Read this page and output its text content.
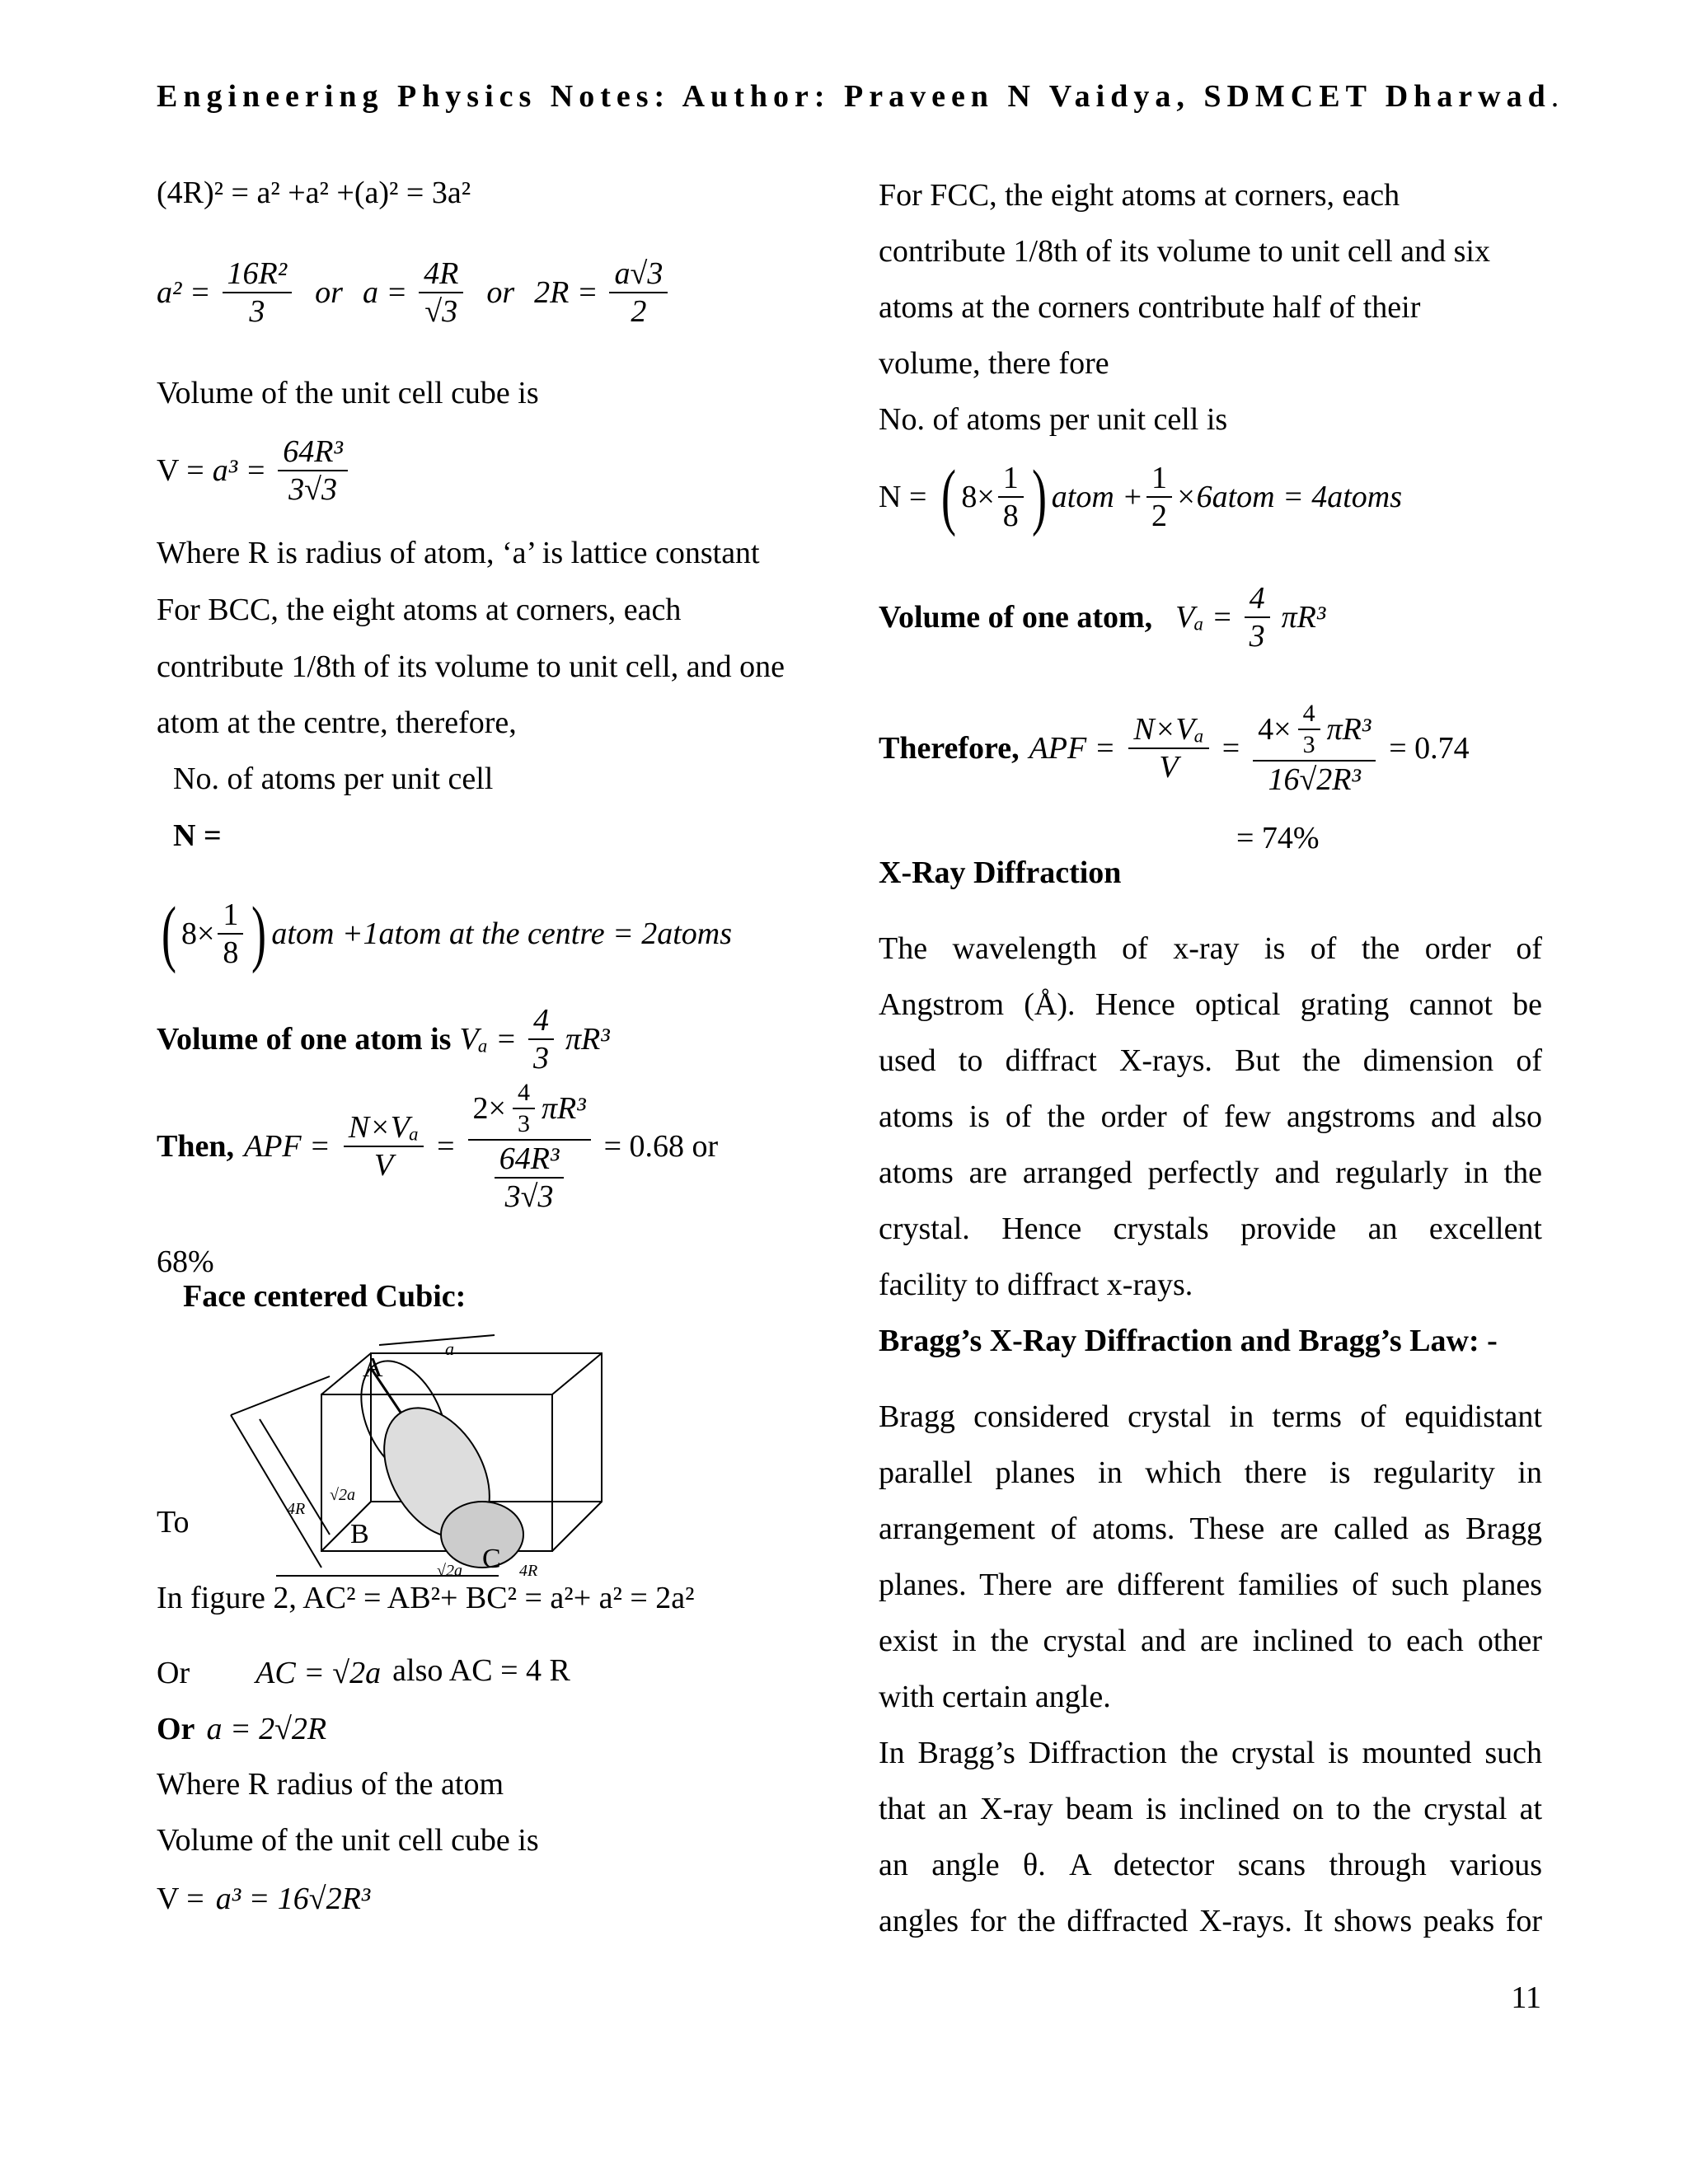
Engineering Physics Notes: Author: Praveen N Vaidya, SDMCET Dharwad.
(4R)² = a² +a² +(a)² = 3a²
$a^2 = \frac{\text{16R²}}{3}$ or $a = \frac{4R}{√3}$ or $2R = \frac{a√3}{2}$
Volume of the unit cell cube is
$V = a^3 = \frac{\text{64R³}}{3√3}$
Where R is radius of atom, ‘a’ is lattice constant
For BCC, the eight atoms at corners, each
contribute 1/8th of its volume to unit cell, and one
atom at the centre, therefore,
No. of atoms per unit cell
N =
( $8\times \frac{1}{8}$ ) atom +1atom at the centre = 2atoms
Volume of one atom is $V_a = \frac{4}{3} \pi R^3$
Then, APF = $\frac{\text{N×Vₐ}}{V} = \frac{2\times \frac{4}{3} \pi R^3}{\frac{\text{64R³}}{3√3}} = 0.68$ or
68%
Face centered Cubic:
A
a
√2a
4R
B
C
√2a	4R
To
In figure 2, AC² = AB²+ BC² = a²+ a² = 2a²
Or AC = √2a also AC = 4 R
Or a = 2√2R
Where R radius of the atom
Volume of the unit cell cube is
V = a³ = 16√2R³
For FCC, the eight atoms at corners, each
contribute 1/8th of its volume to unit cell and six
atoms at the corners contribute half of their
volume, there fore
No. of atoms per unit cell is
N = ( $8\times \frac{1}{8}$ ) atom + $\frac{1}{2}$ ×6atom = 4atoms
Volume of one atom, $V_a = \frac{4}{3} \pi R^3$
Therefore, APF = $\frac{\text{N×Vₐ}}{V} = \frac{4\times \frac{4}{3} \pi R^3}{\text{16√2R³}} = 0.74$
= 74%
X-Ray Diffraction
The wavelength of x-ray is of the order of
Angstrom (Å). Hence optical grating cannot be
used to diffract X-rays. But the dimension of
atoms is of the order of few angstroms and also
atoms are arranged perfectly and regularly in the
crystal. Hence crystals provide an excellent
facility to diffract x-rays.
Bragg’s X-Ray Diffraction and Bragg’s Law: -
Bragg considered crystal in terms of equidistant
parallel planes in which there is regularity in
arrangement of atoms. These are called as Bragg
planes. There are different families of such planes
exist in the crystal and are inclined to each other
with certain angle.
In Bragg’s Diffraction the crystal is mounted such
that an X-ray beam is inclined on to the crystal at
an angle θ. A detector scans through various
angles for the diffracted X-rays. It shows peaks for
11
